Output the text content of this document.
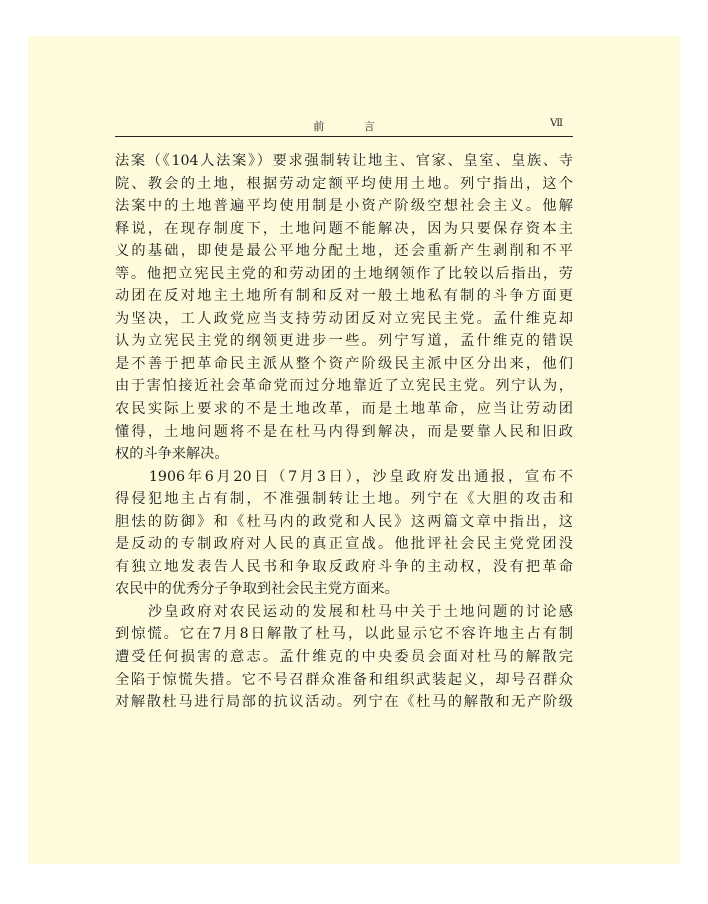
前 言	Ⅶ
法案（《104人法案》）要求强制转让地主、官家、皇室、皇族、寺
院、教会的土地，根据劳动定额平均使用土地。列宁指出，这个
法案中的土地普遍平均使用制是小资产阶级空想社会主义。他解
释说，在现存制度下，土地问题不能解决，因为只要保存资本主
义的基础，即使是最公平地分配土地，还会重新产生剥削和不平
等。他把立宪民主党的和劳动团的土地纲领作了比较以后指出，劳
动团在反对地主土地所有制和反对一般土地私有制的斗争方面更
为坚决，工人政党应当支持劳动团反对立宪民主党。孟什维克却
认为立宪民主党的纲领更进步一些。列宁写道，孟什维克的错误
是不善于把革命民主派从整个资产阶级民主派中区分出来，他们
由于害怕接近社会革命党而过分地靠近了立宪民主党。列宁认为，
农民实际上要求的不是土地改革，而是土地革命，应当让劳动团
懂得，土地问题将不是在杜马内得到解决，而是要靠人民和旧政
权的斗争来解决。
　　1906年6月20日（7月3日），沙皇政府发出通报，宣布不
得侵犯地主占有制，不准强制转让土地。列宁在《大胆的攻击和
胆怯的防御》和《杜马内的政党和人民》这两篇文章中指出，这
是反动的专制政府对人民的真正宣战。他批评社会民主党党团没
有独立地发表告人民书和争取反政府斗争的主动权，没有把革命
农民中的优秀分子争取到社会民主党方面来。
　　沙皇政府对农民运动的发展和杜马中关于土地问题的讨论感
到惊慌。它在7月8日解散了杜马，以此显示它不容许地主占有制
遭受任何损害的意志。孟什维克的中央委员会面对杜马的解散完
全陷于惊慌失措。它不号召群众准备和组织武装起义，却号召群众
对解散杜马进行局部的抗议活动。列宁在《杜马的解散和无产阶级
